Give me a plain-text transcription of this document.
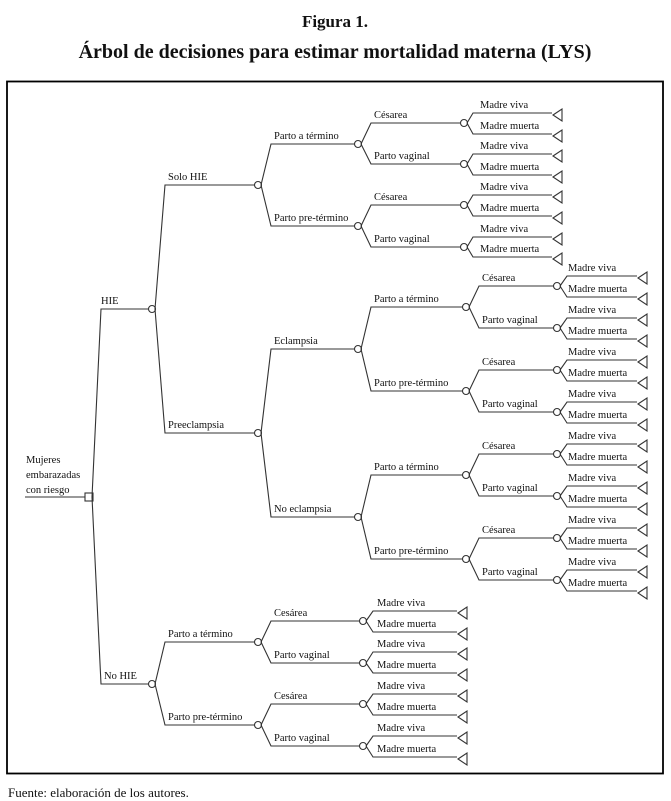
Figura 1.
Árbol de decisiones para estimar mortalidad materna (LYS)
Mujeres
embarazadas
con riesgo
HIE
No HIE
Solo HIE
Preeclampsia
Parto a término
Parto pre-término
Parto a término
Parto pre-término
Eclampsia
No eclampsia
Cesárea
Parto vaginal
Cesárea
Parto vaginal
Césarea
Parto vaginal
Césarea
Parto vaginal
Parto a término
Parto pre-término
Parto a término
Parto pre-término
Césarea
Parto vaginal
Césarea
Parto vaginal
Césarea
Parto vaginal
Césarea
Parto vaginal
Madre viva
Madre muerta
Madre viva
Madre muerta
Madre viva
Madre muerta
Madre viva
Madre muerta
Madre viva
Madre muerta
Madre viva
Madre muerta
Madre viva
Madre muerta
Madre viva
Madre muerta
Madre viva
Madre muerta
Madre viva
Madre muerta
Madre viva
Madre muerta
Madre viva
Madre muerta
Madre viva
Madre muerta
Madre viva
Madre muerta
Madre viva
Madre muerta
Madre viva
Madre muerta
Fuente: elaboración de los autores.
